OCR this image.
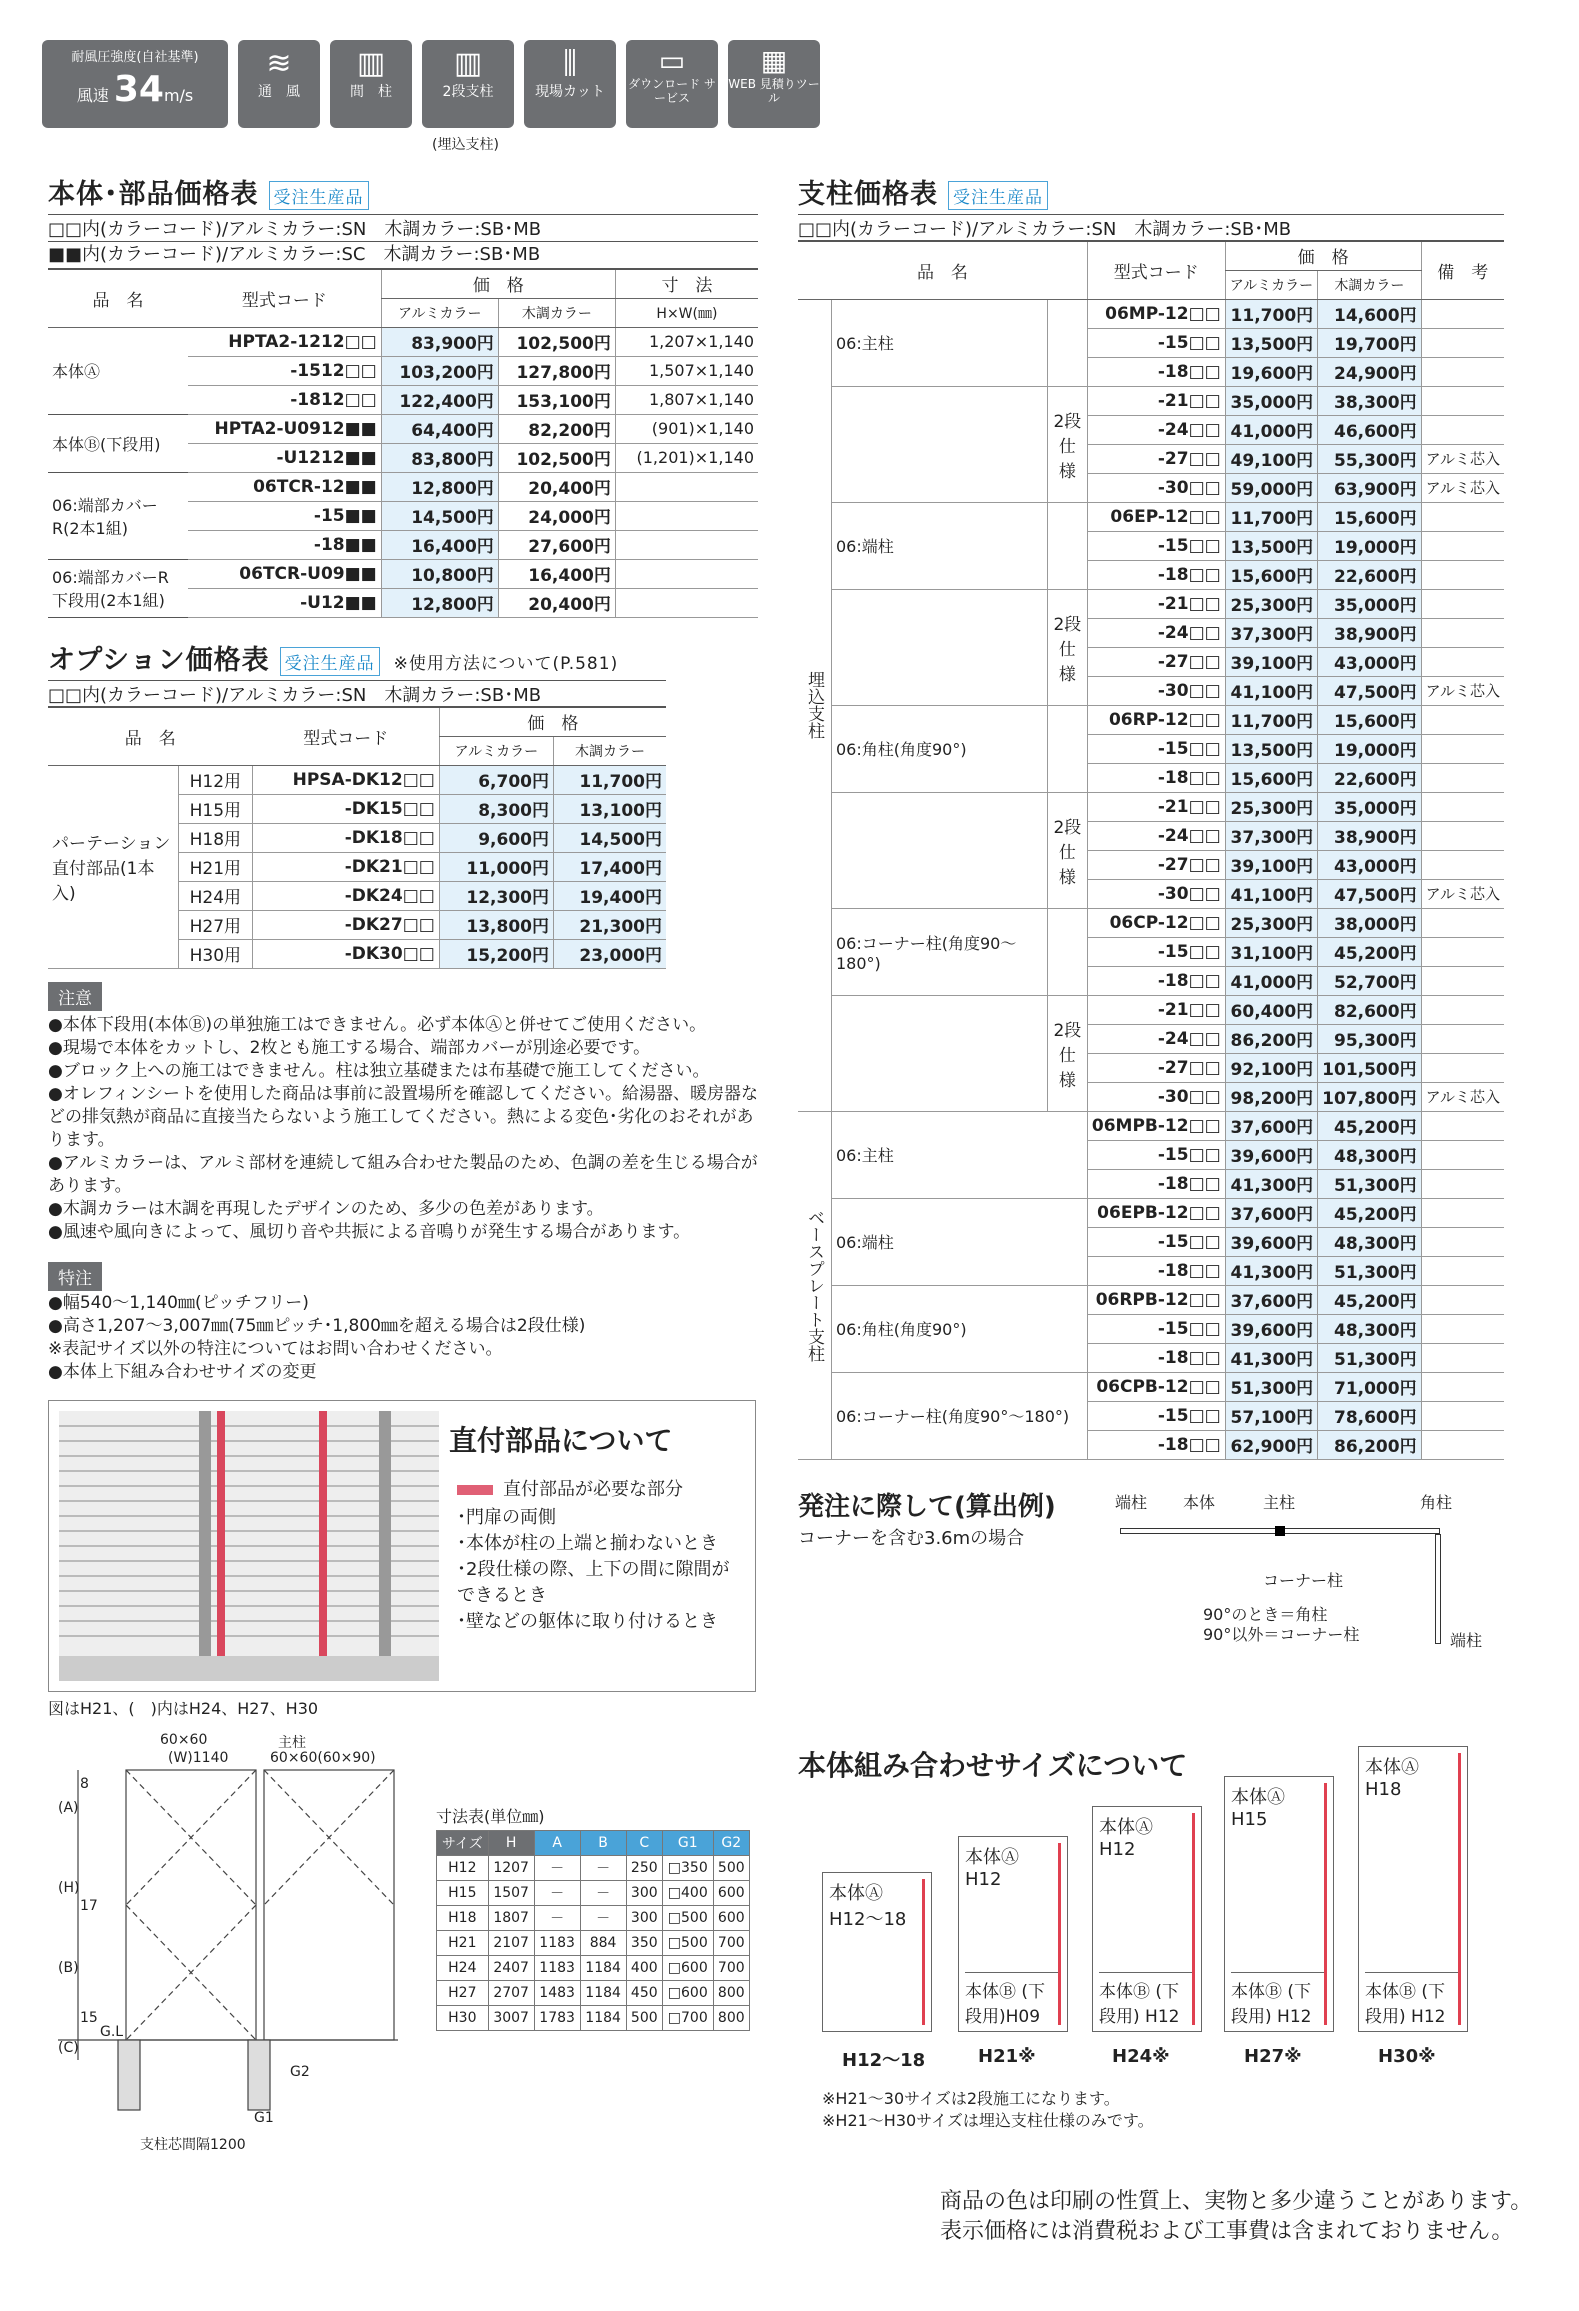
耐風圧強度(自社基準)
風速 34m/s
≋
通　風
▥
間　柱
▥
2段支柱
(埋込支柱)
⫼
現場カット
▭
ダウンロード サービス
▦
WEB 見積りツール
本体･部品価格表 受注生産品
□□内(カラーコード)/アルミカラー:SN　木調カラー:SB･MB
■■内(カラーコード)/アルミカラー:SC　木調カラー:SB･MB
品　名	型式コード	価　格		寸　法
		アルミカラー	木調カラー	H×W(㎜)
本体Ⓐ	HPTA2-1212□□	83,900円	102,500円	1,207×1,140
	-1512□□	103,200円	127,800円	1,507×1,140
	-1812□□	122,400円	153,100円	1,807×1,140
本体Ⓑ(下段用)	HPTA2-U0912■■	64,400円	82,200円	(901)×1,140
	-U1212■■	83,800円	102,500円	(1,201)×1,140
06:端部カバーR(2本1組)	06TCR-12■■	12,800円	20,400円	
	-15■■	14,500円	24,000円	
	-18■■	16,400円	27,600円	
06:端部カバーR 下段用(2本1組)	06TCR-U09■■	10,800円	16,400円	
	-U12■■	12,800円	20,400円	
オプション価格表 受注生産品 ※使用方法について(P.581)
□□内(カラーコード)/アルミカラー:SN　木調カラー:SB･MB
品　名		型式コード	価　格	
			アルミカラー	木調カラー
パーテーション直付部品(1本入)	H12用	HPSA-DK12□□	6,700円	11,700円
	H15用	-DK15□□	8,300円	13,100円
	H18用	-DK18□□	9,600円	14,500円
	H21用	-DK21□□	11,000円	17,400円
	H24用	-DK24□□	12,300円	19,400円
	H27用	-DK27□□	13,800円	21,300円
	H30用	-DK30□□	15,200円	23,000円
注意
●本体下段用(本体Ⓑ)の単独施工はできません。必ず本体Ⓐと併せてご使用ください。
●現場で本体をカットし、2枚とも施工する場合、端部カバーが別途必要です。
●ブロック上への施工はできません。柱は独立基礎または布基礎で施工してください。
●オレフィンシートを使用した商品は事前に設置場所を確認してください。給湯器、暖房器などの排気熱が商品に直接当たらないよう施工してください。熱による変色･劣化のおそれがあります。
●アルミカラーは、アルミ部材を連続して組み合わせた製品のため、色調の差を生じる場合があります。
●木調カラーは木調を再現したデザインのため、多少の色差があります。
●風速や風向きによって、風切り音や共振による音鳴りが発生する場合があります。
特注
●幅540～1,140㎜(ピッチフリー)
●高さ1,207～3,007㎜(75㎜ピッチ･1,800㎜を超える場合は2段仕様)
※表記サイズ以外の特注についてはお問い合わせください。
●本体上下組み合わせサイズの変更
直付部品について
直付部品が必要な部分
･門扉の両側
･本体が柱の上端と揃わないとき
･2段仕様の際、上下の間に隙間ができるとき
･壁などの躯体に取り付けるとき
図はH21、(　)内はH24、H27、H30
支柱価格表 受注生産品
□□内(カラーコード)/アルミカラー:SN　木調カラー:SB･MB
品　名			型式コード	価　格		備　考
				アルミカラー	木調カラー	
埋込支柱	06:主柱		06MP-12□□	11,700円	14,600円	
			-15□□	13,500円	19,700円	
			-18□□	19,600円	24,900円	
		2段仕様	-21□□	35,000円	38,300円	
			-24□□	41,000円	46,600円	
			-27□□	49,100円	55,300円	アルミ芯入
			-30□□	59,000円	63,900円	アルミ芯入
	06:端柱		06EP-12□□	11,700円	15,600円	
			-15□□	13,500円	19,000円	
			-18□□	15,600円	22,600円	
		2段仕様	-21□□	25,300円	35,000円	
			-24□□	37,300円	38,900円	
			-27□□	39,100円	43,000円	
			-30□□	41,100円	47,500円	アルミ芯入
	06:角柱(角度90°)		06RP-12□□	11,700円	15,600円	
			-15□□	13,500円	19,000円	
			-18□□	15,600円	22,600円	
		2段仕様	-21□□	25,300円	35,000円	
			-24□□	37,300円	38,900円	
			-27□□	39,100円	43,000円	
			-30□□	41,100円	47,500円	アルミ芯入
	06:コーナー柱(角度90～180°)		06CP-12□□	25,300円	38,000円	
			-15□□	31,100円	45,200円	
			-18□□	41,000円	52,700円	
		2段仕様	-21□□	60,400円	82,600円	
			-24□□	86,200円	95,300円	
			-27□□	92,100円	101,500円	
			-30□□	98,200円	107,800円	アルミ芯入
ベースプレート支柱	06:主柱		06MPB-12□□	37,600円	45,200円	
			-15□□	39,600円	48,300円	
			-18□□	41,300円	51,300円	
	06:端柱		06EPB-12□□	37,600円	45,200円	
			-15□□	39,600円	48,300円	
			-18□□	41,300円	51,300円	
	06:角柱(角度90°)		06RPB-12□□	37,600円	45,200円	
			-15□□	39,600円	48,300円	
			-18□□	41,300円	51,300円	
	06:コーナー柱(角度90°～180°)		06CPB-12□□	51,300円	71,000円	
			-15□□	57,100円	78,600円	
			-18□□	62,900円	86,200円	
発注に際して(算出例)
コーナーを含む3.6mの場合
端柱 本体	主柱	角柱
コーナー柱
端柱
90°のとき＝角柱
90°以外＝コーナー柱
60×60
(W)1140
主柱
60×60(60×90)
(A)
(H)
(B)
(C)
8
17
15
G.L
G1
G2
支柱芯間隔1200
寸法表(単位㎜)
サイズ	H	A	B	C	G1	G2
H12	1207	－	－	250	□350	500
H15	1507	－	－	300	□400	600
H18	1807	－	－	300	□500	600
H21	2107	1183	884	350	□500	700
H24	2407	1183	1184	400	□600	700
H27	2707	1483	1184	450	□600	800
H30	3007	1783	1184	500	□700	800
本体組み合わせサイズについて
本体Ⓐ H12～18
H12～18
本体Ⓐ H12
本体Ⓑ (下段用)H09
H21※
本体Ⓐ H12
本体Ⓑ (下段用) H12
H24※
本体Ⓐ H15
本体Ⓑ (下段用) H12
H27※
本体Ⓐ H18
本体Ⓑ (下段用) H12
H30※
※H21～30サイズは2段施工になります。
※H21～H30サイズは埋込支柱仕様のみです。
商品の色は印刷の性質上、実物と多少違うことがあります。
表示価格には消費税および工事費は含まれておりません。
